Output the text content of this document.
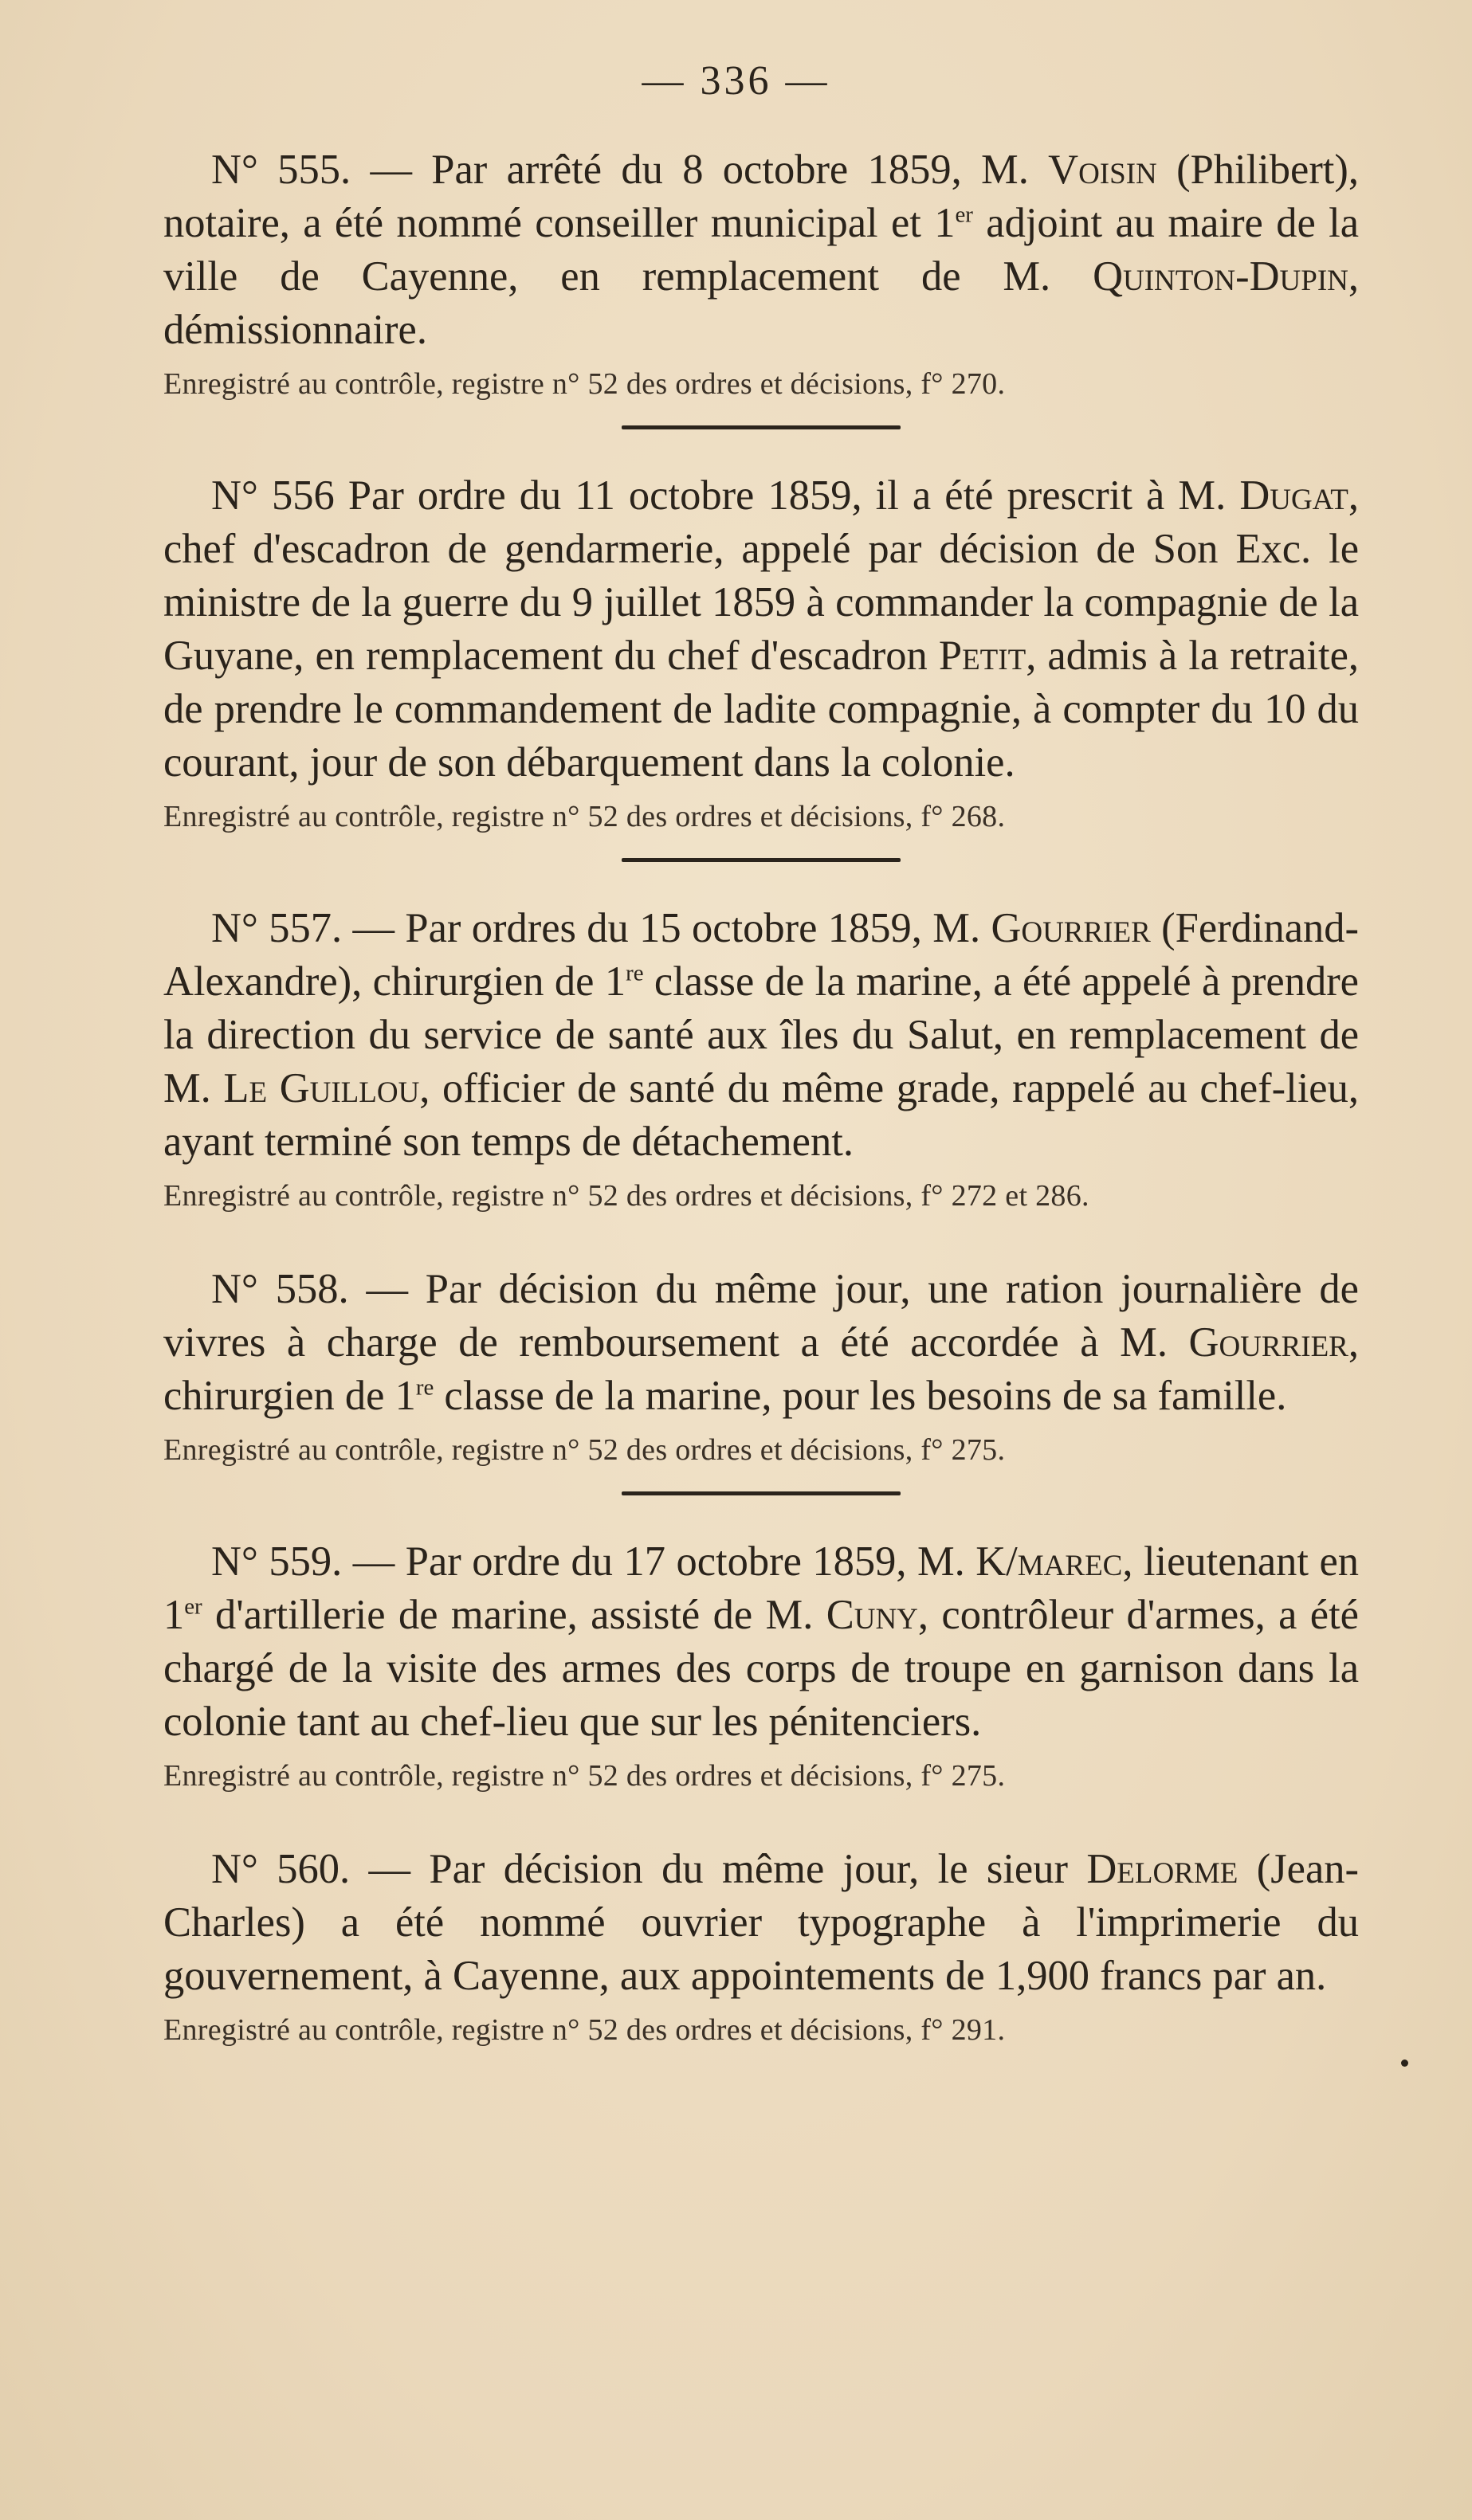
— 336 —

N° 555. — Par arrêté du 8 octobre 1859, M. Voisin (Philibert), notaire, a été nommé conseiller municipal et 1er adjoint au maire de la ville de Cayenne, en remplacement de M. Quinton-Dupin, démissionnaire.

Enregistré au contrôle, registre n° 52 des ordres et décisions, f° 270.

N° 556 Par ordre du 11 octobre 1859, il a été prescrit à M. Dugat, chef d'escadron de gendarmerie, appelé par décision de Son Exc. le ministre de la guerre du 9 juillet 1859 à commander la compagnie de la Guyane, en remplacement du chef d'escadron Petit, admis à la retraite, de prendre le commandement de ladite compagnie, à compter du 10 du courant, jour de son débarquement dans la colonie.

Enregistré au contrôle, registre n° 52 des ordres et décisions, f° 268.

N° 557. — Par ordres du 15 octobre 1859, M. Gourrier (Ferdinand-Alexandre), chirurgien de 1re classe de la marine, a été appelé à prendre la direction du service de santé aux îles du Salut, en remplacement de M. Le Guillou, officier de santé du même grade, rappelé au chef-lieu, ayant terminé son temps de détachement.

Enregistré au contrôle, registre n° 52 des ordres et décisions, f° 272 et 286.

N° 558. — Par décision du même jour, une ration journalière de vivres à charge de remboursement a été accordée à M. Gourrier, chirurgien de 1re classe de la marine, pour les besoins de sa famille.

Enregistré au contrôle, registre n° 52 des ordres et décisions, f° 275.

N° 559. — Par ordre du 17 octobre 1859, M. K/marec, lieutenant en 1er d'artillerie de marine, assisté de M. Cuny, contrôleur d'armes, a été chargé de la visite des armes des corps de troupe en garnison dans la colonie tant au chef-lieu que sur les pénitenciers.

Enregistré au contrôle, registre n° 52 des ordres et décisions, f° 275.

N° 560. — Par décision du même jour, le sieur Delorme (Jean-Charles) a été nommé ouvrier typographe à l'imprimerie du gouvernement, à Cayenne, aux appointements de 1,900 francs par an.

Enregistré au contrôle, registre n° 52 des ordres et décisions, f° 291.
